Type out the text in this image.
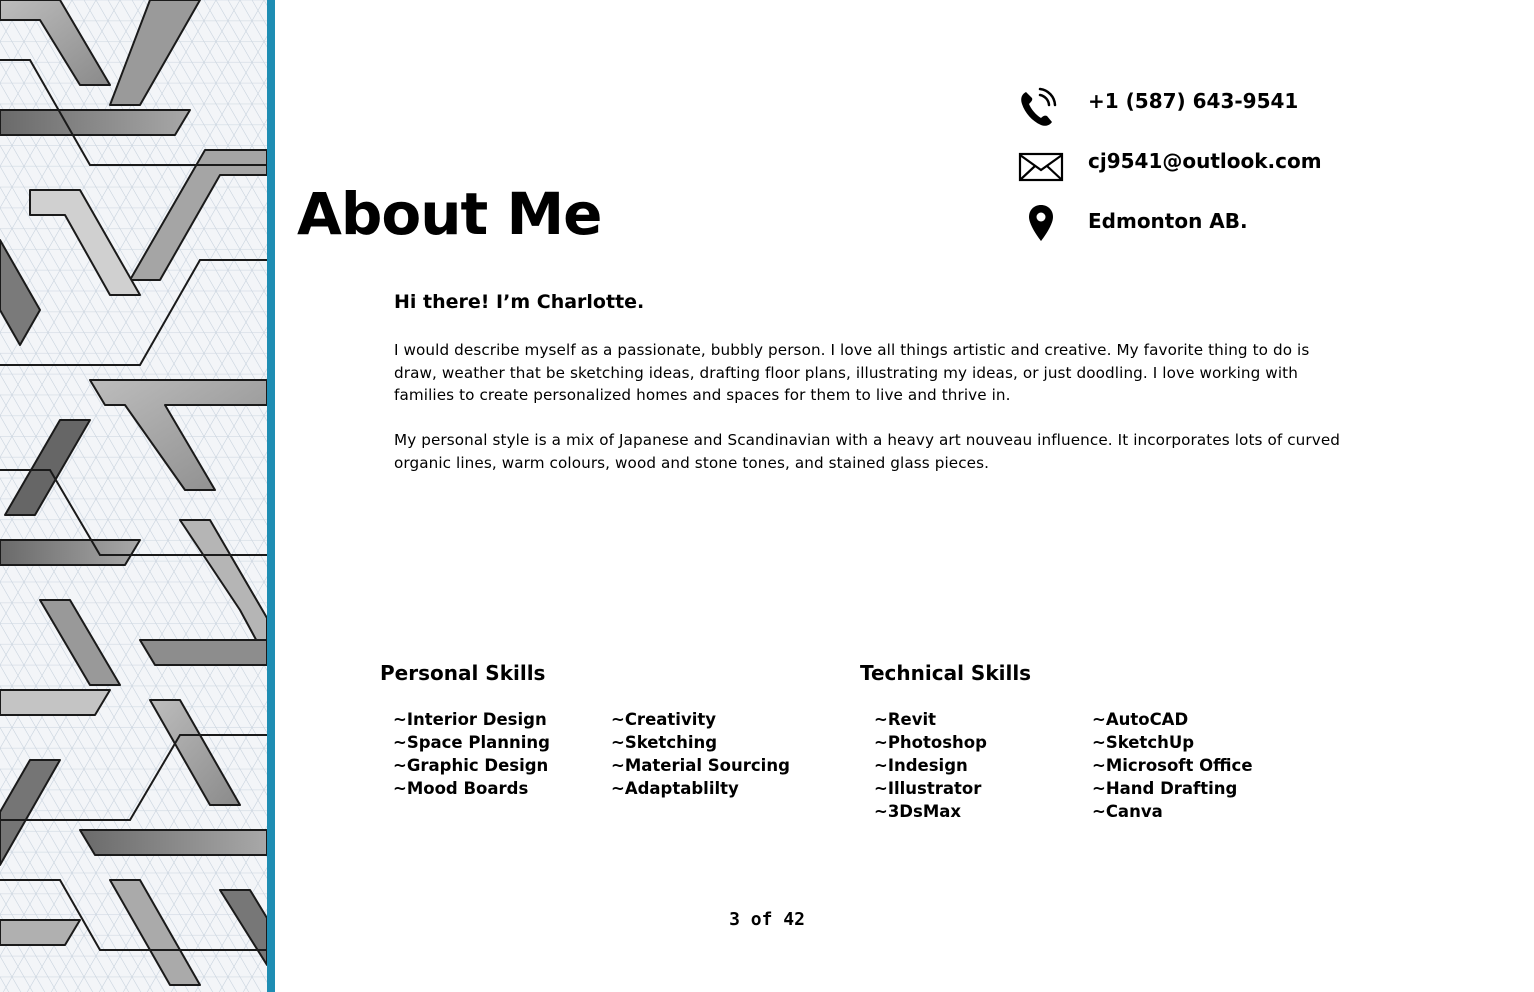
About Me
+1 (587) 643-9541
cj9541@outlook.com
Edmonton AB.
Hi there! I’m Charlotte.

I would describe myself as a passionate, bubbly person. I love all things artistic and creative. My favorite thing to do is draw, weather that be sketching ideas, drafting floor plans, illustrating my ideas, or just doodling. I love working with families to create personalized homes and spaces for them to live and thrive in.

My personal style is a mix of Japanese and Scandinavian with a heavy art nouveau influence. It incorporates lots of curved organic lines, warm colours, wood and stone tones, and stained glass pieces.

Personal Skills
~Interior Design
~Space Planning
~Graphic Design
~Mood Boards
~Creativity
~Sketching
~Material Sourcing
~Adaptablilty
Technical Skills
~Revit
~Photoshop
~Indesign
~Illustrator
~3DsMax
~AutoCAD
~SketchUp
~Microsoft Office
~Hand Drafting
~Canva
3 of 42
